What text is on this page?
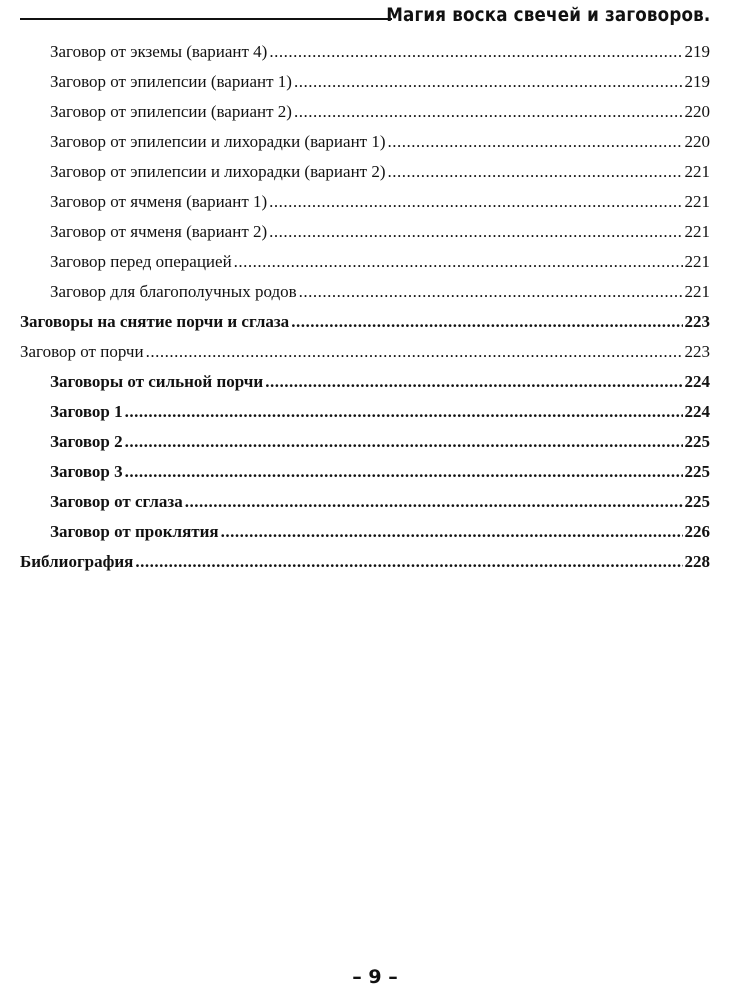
Магия воска свечей и заговоров.
Заговор от экземы (вариант 4) .....	219
Заговор от эпилепсии (вариант 1) .....	219
Заговор от эпилепсии (вариант 2) .....	220
Заговор от эпилепсии и лихорадки (вариант 1) .....	220
Заговор от эпилепсии и лихорадки (вариант 2) .....	221
Заговор от ячменя (вариант 1) .....	221
Заговор от ячменя (вариант 2) .....	221
Заговор перед операцией .....	221
Заговор для благополучных родов .....	221
Заговоры на снятие порчи и сглаза .....	223
Заговор от порчи .....	223
Заговоры от сильной порчи .....	224
Заговор 1 .....	224
Заговор 2 .....	225
Заговор 3 .....	225
Заговор от сглаза .....	225
Заговор от проклятия .....	226
Библиография .....	228
– 9 –
